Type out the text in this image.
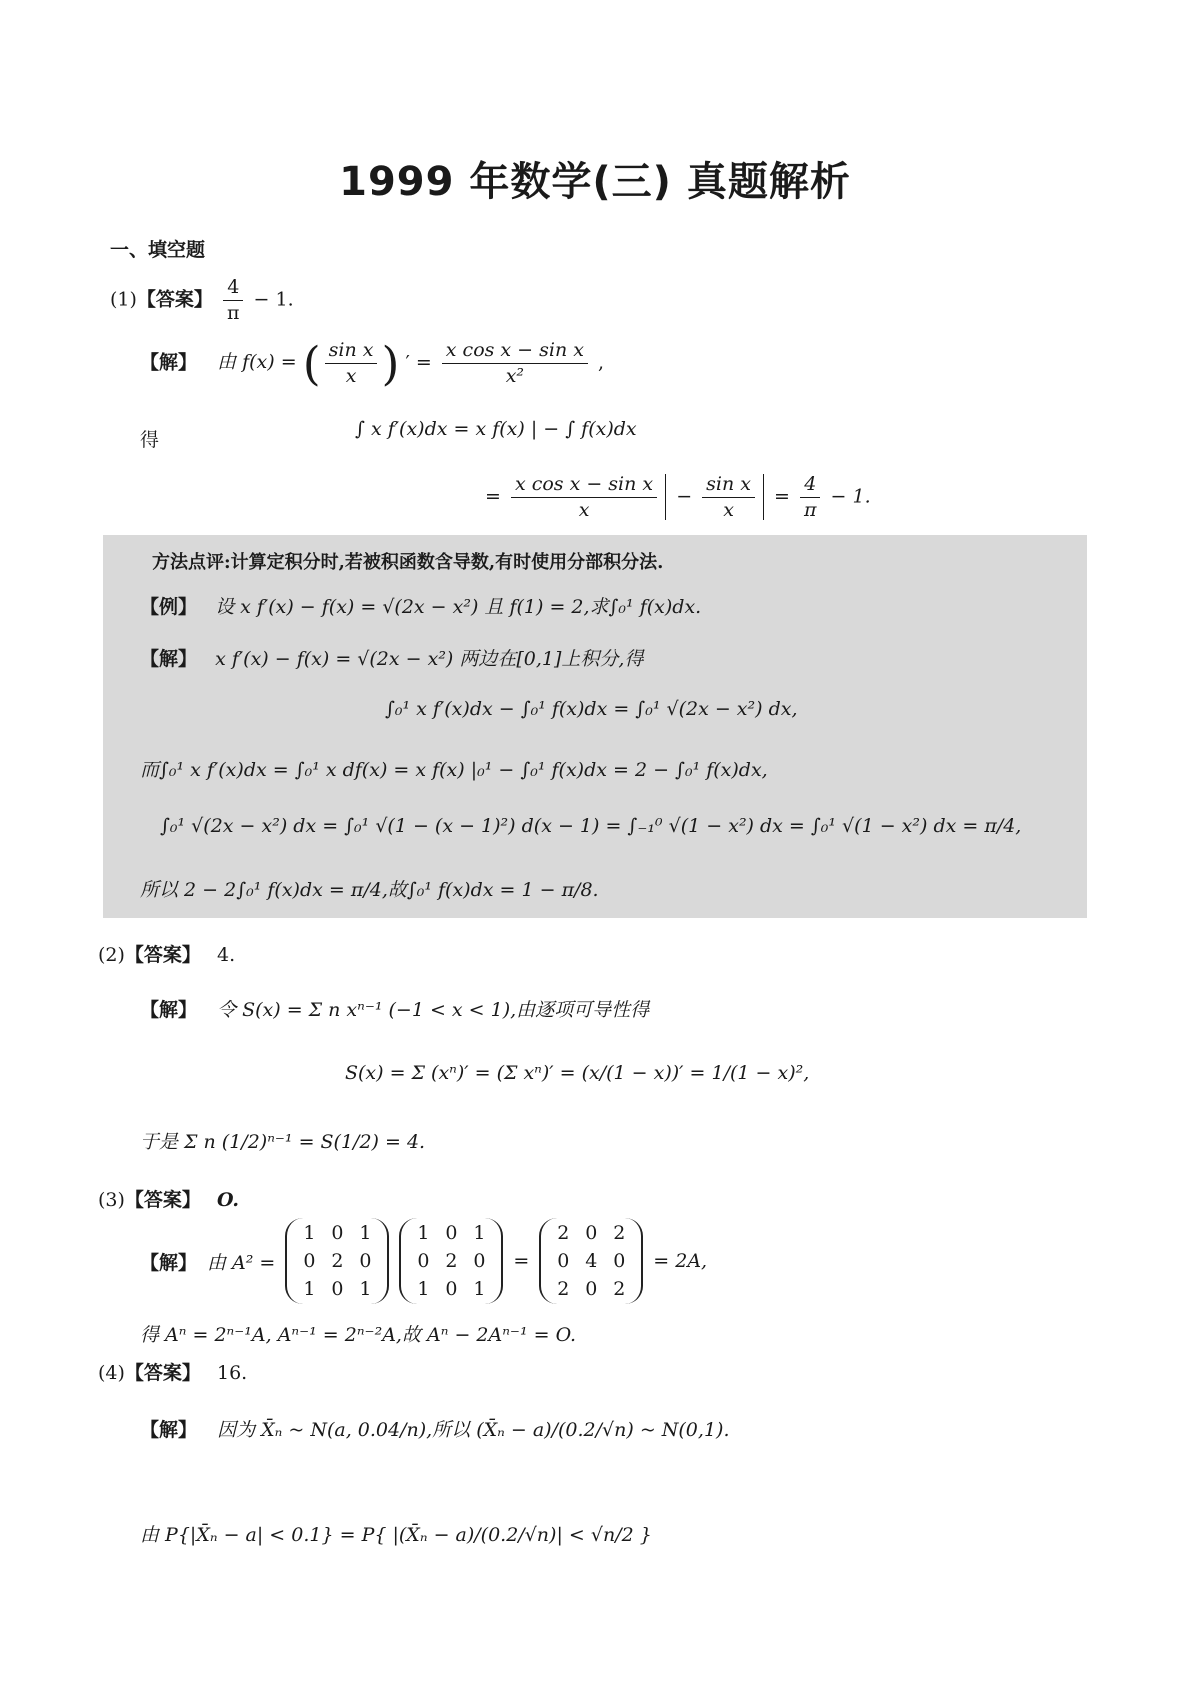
1999 年数学(三) 真题解析
一、填空题
(1)【答案】 $\frac{4}{\pi} - 1$.
【解】 由 f(x) = ( $\frac{\text{sin x}}{x}$ ) ′ = $\frac{\text{x cos x − sin x}}{\text{x²}}$ ,
得	∫ x f′(x)dx = x f(x) | − ∫ f(x)dx
= $\frac{\text{x cos x − sin x}}{x} - \frac{\text{sin x}}{x} = \frac{4}{\pi} - 1$.
方法点评:计算定积分时,若被积函数含导数,有时使用分部积分法.
【例】 设 x f′(x) − f(x) = √(2x − x²) 且 f(1) = 2,求∫₀¹ f(x)dx.
【解】 x f′(x) − f(x) = √(2x − x²) 两边在[0,1]上积分,得
∫₀¹ x f′(x)dx − ∫₀¹ f(x)dx = ∫₀¹ √(2x − x²) dx,
而∫₀¹ x f′(x)dx = ∫₀¹ x df(x) = x f(x) |₀¹ − ∫₀¹ f(x)dx = 2 − ∫₀¹ f(x)dx,
∫₀¹ √(2x − x²) dx = ∫₀¹ √(1 − (x − 1)²) d(x − 1) = ∫₋₁⁰ √(1 − x²) dx = ∫₀¹ √(1 − x²) dx = π/4,
所以 2 − 2∫₀¹ f(x)dx = π/4,故∫₀¹ f(x)dx = 1 − π/8.
(2)【答案】 4.
【解】 令 S(x) = Σ n xⁿ⁻¹ (−1 < x < 1),由逐项可导性得
S(x) = Σ (xⁿ)′ = (Σ xⁿ)′ = (x/(1 − x))′ = 1/(1 − x)²,
于是 Σ n (1/2)ⁿ⁻¹ = S(1/2) = 4.
(3)【答案】 O.
【解】 由 A² =
1 0 1
0 2 0
1 0 1
1 0 1
0 2 0
1 0 1
=
2 0 2
0 4 0
2 0 2
= 2A,
得 Aⁿ = 2ⁿ⁻¹A, Aⁿ⁻¹ = 2ⁿ⁻²A,故 Aⁿ − 2Aⁿ⁻¹ = O.
(4)【答案】 16.
【解】 因为 X̄ₙ ~ N(a, 0.04/n),所以 (X̄ₙ − a)/(0.2/√n) ~ N(0,1).
由 P{|X̄ₙ − a| < 0.1} = P{ |(X̄ₙ − a)/(0.2/√n)| < √n/2 }
